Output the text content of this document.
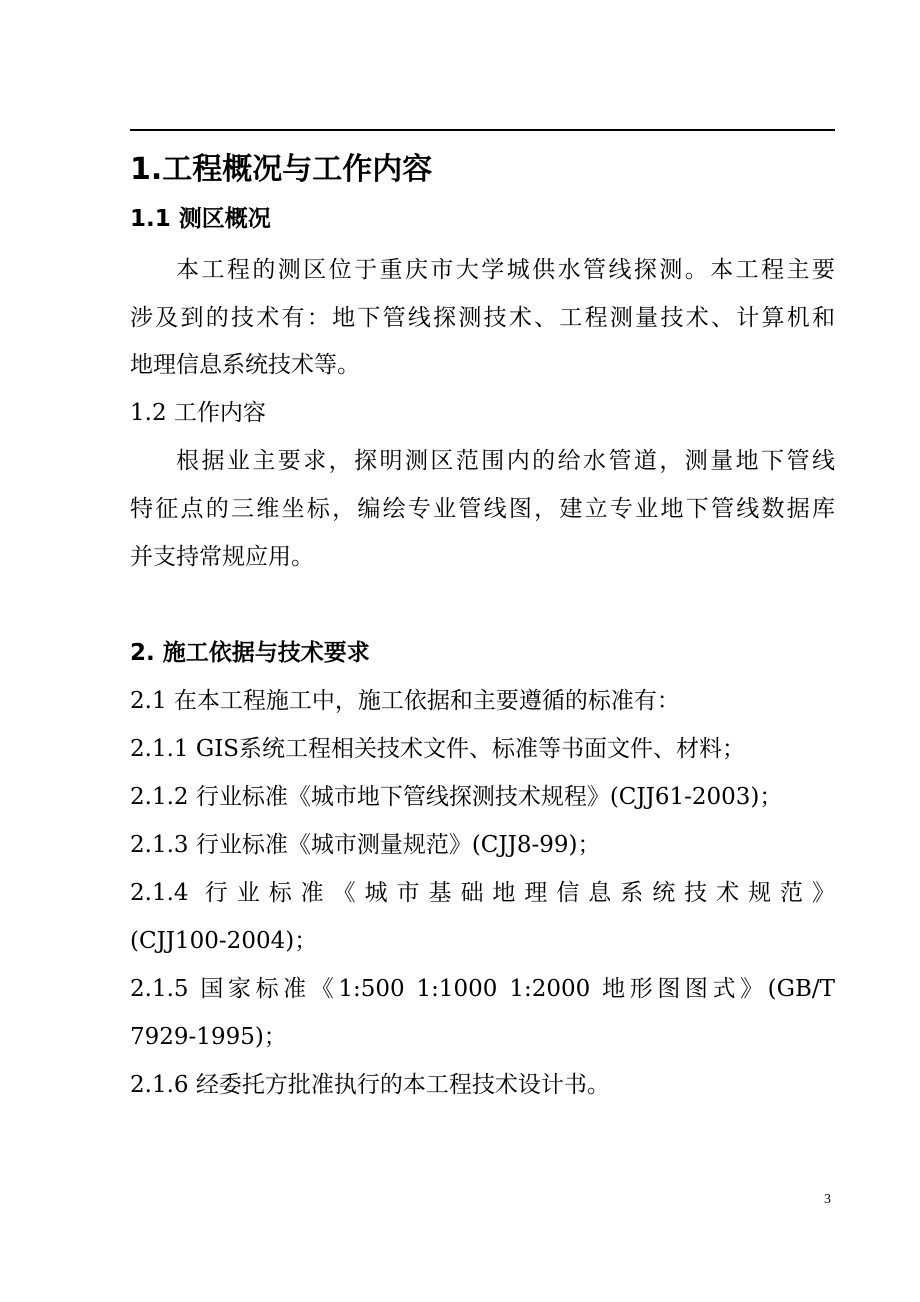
1.工程概况与工作内容
1.1 测区概况
本工程的测区位于重庆市大学城供水管线探测。本工程主要
涉及到的技术有：地下管线探测技术、工程测量技术、计算机和
地理信息系统技术等。
1.2 工作内容
根据业主要求，探明测区范围内的给水管道，测量地下管线
特征点的三维坐标，编绘专业管线图，建立专业地下管线数据库
并支持常规应用。
2. 施工依据与技术要求
2.1 在本工程施工中，施工依据和主要遵循的标准有：
2.1.1 GIS系统工程相关技术文件、标准等书面文件、材料；
2.1.2 行业标准《城市地下管线探测技术规程》(CJJ61-2003)；
2.1.3 行业标准《城市测量规范》(CJJ8-99)；
2.1.4 行业标准《城市基础地理信息系统技术规范》
(CJJ100-2004)；
2.1.5 国家标准《1:500 1:1000 1:2000 地形图图式》(GB/T
7929-1995)；
2.1.6 经委托方批准执行的本工程技术设计书。
3
